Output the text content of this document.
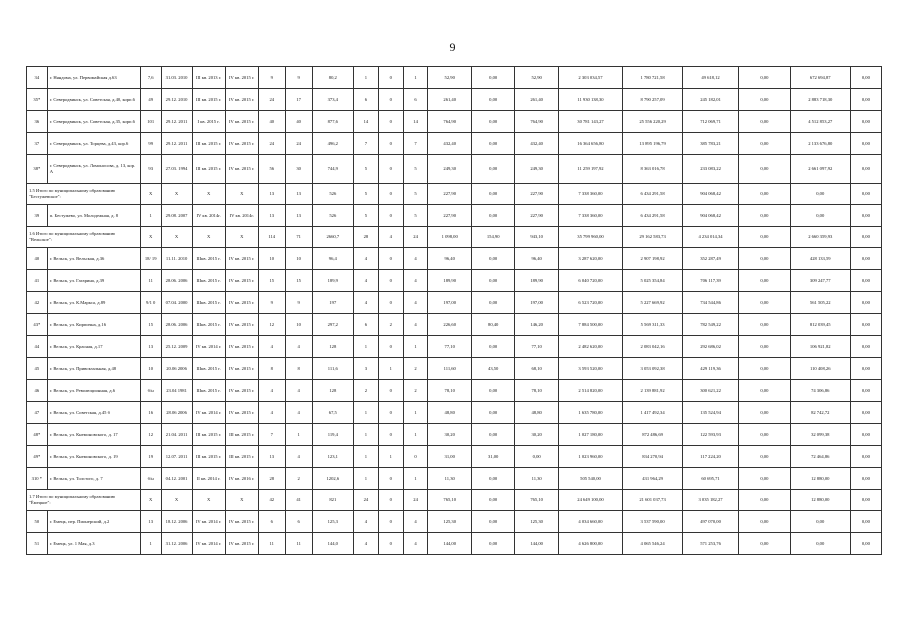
9
34	г. Няндома, ул. Первомайская д.63	7,6	31.03. 2010	III кв. 2013 г.	IV кв. 2015 г.	9	9	80,2	1	0	1	52,90	0,00	52,90	2 303 034,57	1 780 721,58	49 618,12	0,00	672 694,87	0,00
35*	г. Северодвинск, ул. Советская, д.40, корп.6	49	29.12. 2010	III кв. 2015 г.	IV кв. 2015 г.	24	17	373,4	6	0	6	261,40	0,00	261,40	11 930 138,30	8 790 257,09	245 182,01	0,00	2 883 718,30	0,00
36	г. Северодвинск, ул. Советская, д.35, корп.6	101	29.12. 2011	I кв. 2015 г.	IV кв. 2015 г.	40	40	877,6	14	0	14	764,90	0,00	764,90	30 781 143,27	25 556 220,29	712 069,71	0,00	4 512 853,27	0,00
37	г. Северодвинск, ул. Торцева, д.43, кор.6	99	29.12. 2011	III кв. 2015 г.	IV кв. 2015 г.	24	24	496,2	7	0	7	432,40	0,00	432,40	16 364 656,80	13 895 196,79	385 783,21	0,00	2 133 676,80	0,00
38*	г. Северодвинск, ул. Ломоносова, д. 13, кор. А	93	27.03. 1994	III кв. 2015 г.	IV кв. 2015 г.	56	30	744,9	5	0	5	249,30	0,00	249,30	11 259 197,92	8 363 016,78	233 083,22	0,00	2 661 097,92	0,00
1.5 Итого по муниципальному образованию "Бестужевское":		X	X	X	X	13	13	526	5	0	5	227,90	0,00	227,90	7 338 360,00	6 434 291,58	904 068,42	0,00	0,00	0,00
39	п. Бестужево, ул. Молодежная, д. 8	1	29.08. 2007	IV кв. 2014г.	IV кв. 2014г.	13	13	526	5	0	5	227,90	0,00	227,90	7 338 360,00	6 434 291,58	904 068,42	0,00	0,00	0,00
1.6 Итого по муниципальному образованию "Вельское":		X	X	X	X	114	71	2660,7	28	4	24	1 098,00	154,90	943,10	35 799 960,00	29 162 583,73	4 234 014,34	0,00	2 660 359,93	0,00
40	г. Вельск, ул. Вельская, д.36	18/ 19	11.11. 2010	Шкв. 2015 г.	IV кв. 2015 г.	10	10	96,4	4	0	4	96,40	0,00	96,40	3 287 620,00	2 907 198,92	352 287,49	0,00	428 133,59	0,00
41	г. Вельск, ул. Гагарина, д.39	11	28.06. 2006	Шкв. 2015 г.	IV кв. 2015 г.	15	15	189,9	4	0	4	189,90	0,00	189,90	6 040 720,00	5 025 354,84	706 117,39	0,00	309 247,77	0,00
42	г. Вельск, ул. К.Маркса, д.89	9/1 0	07.04. 2000	Шкв. 2015 г.	IV кв. 2015 г.	9	9	197	4	0	4	197,00	0,00	197,00	6 523 720,00	5 227 669,92	734 544,86	0,00	561 505,22	0,00
43*	г. Вельск, ул. Кирпична, д.16	15	28.06. 2006	Шкв. 2015 г.	IV кв. 2015 г.	12	10	297,2	6	2	4	226,60	80,40	146,20	7 884 500,00	5 569 311,33	782 549,22	0,00	812 039,45	0,00
44	г. Вельск, ул. Красная, д.17	13	25.12. 2009	IV кв. 2014 г.	IV кв. 2015 г.	4	4	128	1	0	1	77,10	0,00	77,10	2 482 620,00	2 083 042,16	292 686,02	0,00	106 921,82	0,00
45	г. Вельск, ул. Привокзальная, д.48	10	20.06 2006	Шкв. 2015 г.	IV кв. 2015 г.	8	8	111,6	3	1	2	111,60	43,50	68,10	3 593 520,00	3 053 092,38	429 119,36	0,00	110 408,26	0,00
46	г. Вельск, ул. Революционная, д.6	б/н	23.04 1981	Шкв. 2015 г.	IV кв. 2015 г.	4	4	128	2	0	2	78,10	0,00	78,10	2 514 820,00	2 139 881,92	300 621,22	0,00	74 306,86	0,00
47	г. Вельск, ул. Советская, д.45 б	16	28.06 2006	IV кв. 2014 г.	IV кв. 2015 г.	4	4	67,5	1	0	1	48,80	0,00	48,80	1 635 780,00	1 417 492,34	135 524,94	0,00	82 742,72	0,00
48*	г. Вельск, ул. Кнемоновского, д. 17	12	21.04. 2011	III кв. 2015 г.	III кв. 2015 г.	7	1	119,4	1	0	1	30,20	0,00	30,20	1 027 180,00	872 486,69	122 593,93	0,00	32 099,38	0,00
49*	г. Вельск, ул. Кнемоновского, д. 19	19	12.07. 2011	III кв. 2015 г.	III кв. 2015 г.	13	4	123,1	1	1	0	31,00	31,00	0,00	1 023 960,00	834 270,94	117 224,20	0,00	72 464,86	0,00
310 *	г. Вельск, ул. Толстого, д. 7	б/н	04.12. 2001	II кв. 2014 г.	IV кв. 2016 г.	28	2	1202,6	1	0	1	11,30	0,00	11,30	505 540,00	431 964,29	60 695,71	0,00	12 880,00	0,00
1.7 Итого по муниципальному образованию "Ёмецкое":		X	X	X	X	42	41	821	24	0	24	765,10	0,00	765,10	24 649 100,00	21 601 037,73	3 035 182,27	0,00	12 880,00	0,00
50	г. Емецк, пер. Пионерский, д.2	13	18.12. 2006	IV кв. 2014 г.	IV кв. 2015 г.	6	6	125,3	4	0	4	125,30	0,00	125,30	4 034 660,00	3 537 590,00	497 070,00	0,00	0,00	0,00
51	г. Емецк, ул. 1 Мая, д.3	1	31.12. 2006	IV кв. 2014 г.	IV кв. 2015 г.	11	11	144,0	4	0	4	144,00	0,00	144,00	4 626 800,00	4 065 546,24	571 253,76	0,00	0,00	0,00
